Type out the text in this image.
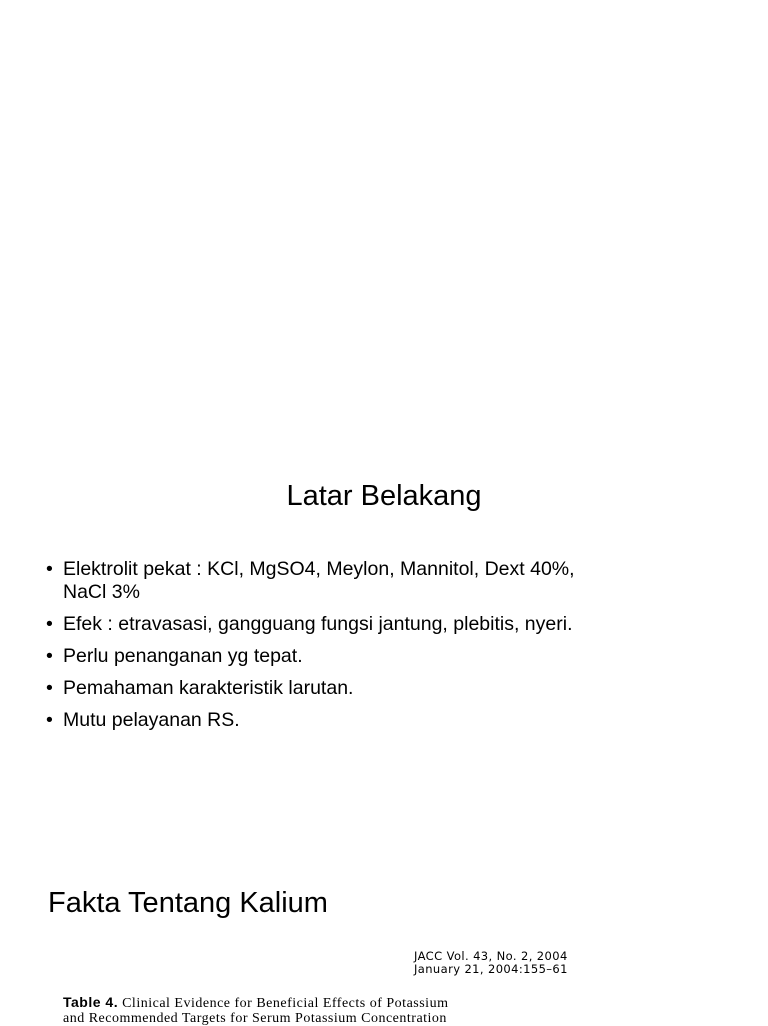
Latar Belakang
• Elektrolit pekat : KCl, MgSO4, Meylon, Mannitol, Dext 40%, NaCl 3%
• Efek : etravasasi, gangguang fungsi jantung, plebitis, nyeri.
• Perlu penanganan yg tepat.
• Pemahaman karakteristik larutan.
• Mutu pelayanan RS.
Fakta Tentang Kalium
JACC Vol. 43, No. 2, 2004
January 21, 2004:155–61
Table 4. Clinical Evidence for Beneficial Effects of Potassium
and Recommended Targets for Serum Potassium Concentration
